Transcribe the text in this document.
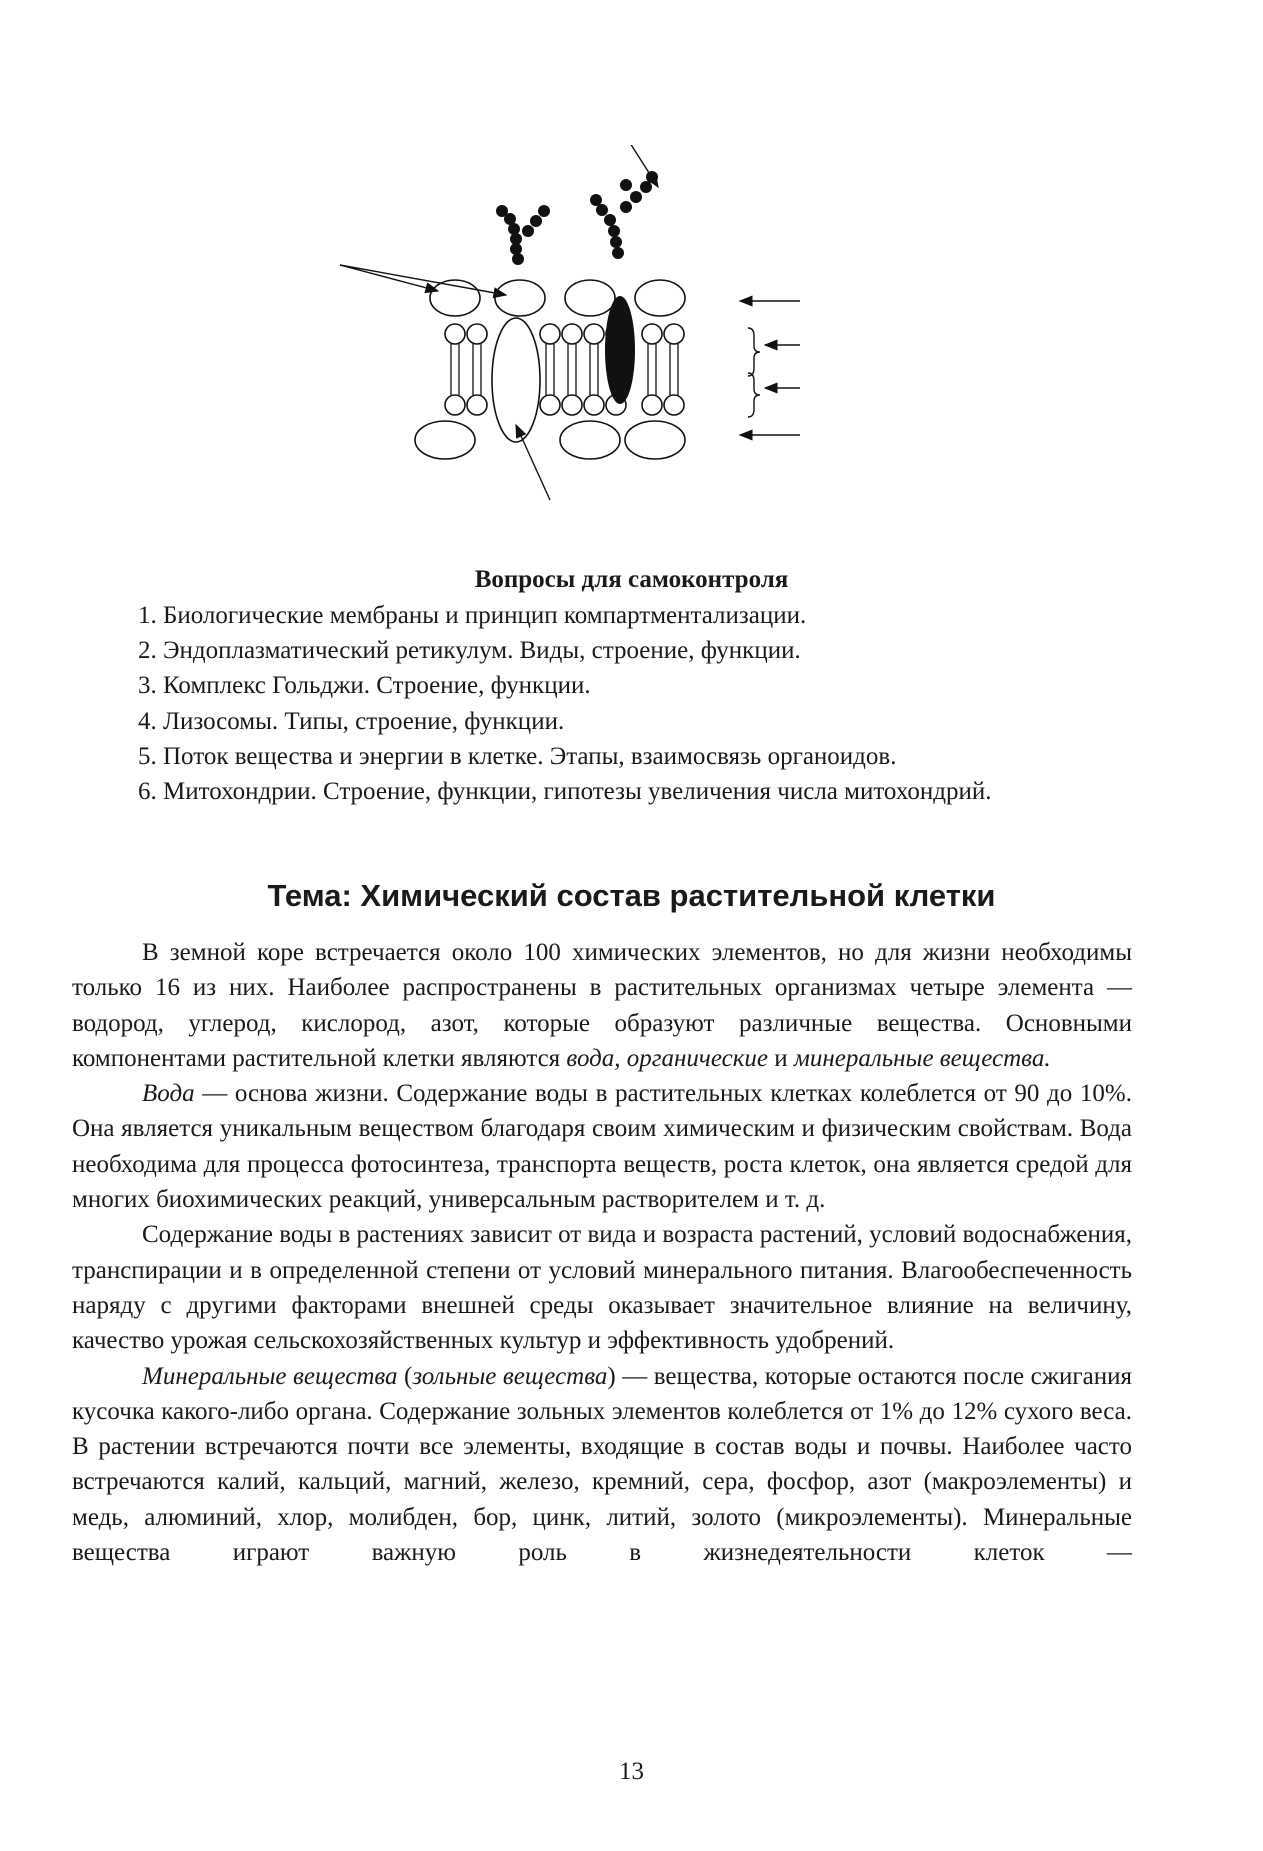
Вопросы для самоконтроля

1. Биологические мембраны и принцип компартментализации.

2. Эндоплазматический ретикулум. Виды, строение, функции.

3. Комплекс Гольджи. Строение, функции.

4. Лизосомы. Типы, строение, функции.

5. Поток вещества и энергии в клетке. Этапы, взаимосвязь органоидов.

6. Митохондрии. Строение, функции, гипотезы увеличения числа митохондрий.

Тема: Химический состав растительной клетки

В земной коре встречается около 100 химических элементов, но для жизни необходимы только 16 из них. Наиболее распространены в растительных организмах четыре элемента — водород, углерод, кислород, азот, которые образуют различные вещества. Основными компонентами растительной клетки являются вода, органические и минеральные вещества.

Вода — основа жизни. Содержание воды в растительных клетках колеблется от 90 до 10%. Она является уникальным веществом благодаря своим химическим и физическим свойствам. Вода необходима для процесса фотосинтеза, транспорта веществ, роста клеток, она является средой для многих биохимических реакций, универсальным растворителем и т. д.

Содержание воды в растениях зависит от вида и возраста растений, условий водоснабжения, транспирации и в определенной степени от условий минерального питания. Влагообеспеченность наряду с другими факторами внешней среды оказывает значительное влияние на величину, качество урожая сельскохозяйственных культур и эффективность удобрений.

Минеральные вещества (зольные вещества) — вещества, которые остаются после сжигания кусочка какого-либо органа. Содержание зольных элементов колеблется от 1% до 12% сухого веса. В растении встречаются почти все элементы, входящие в состав воды и почвы. Наиболее часто встречаются калий, кальций, магний, железо, кремний, сера, фосфор, азот (макроэлементы) и медь, алюминий, хлор, молибден, бор, цинк, литий, золото (микроэлементы). Минеральные вещества играют важную роль в жизнедеятельности клеток —

13
